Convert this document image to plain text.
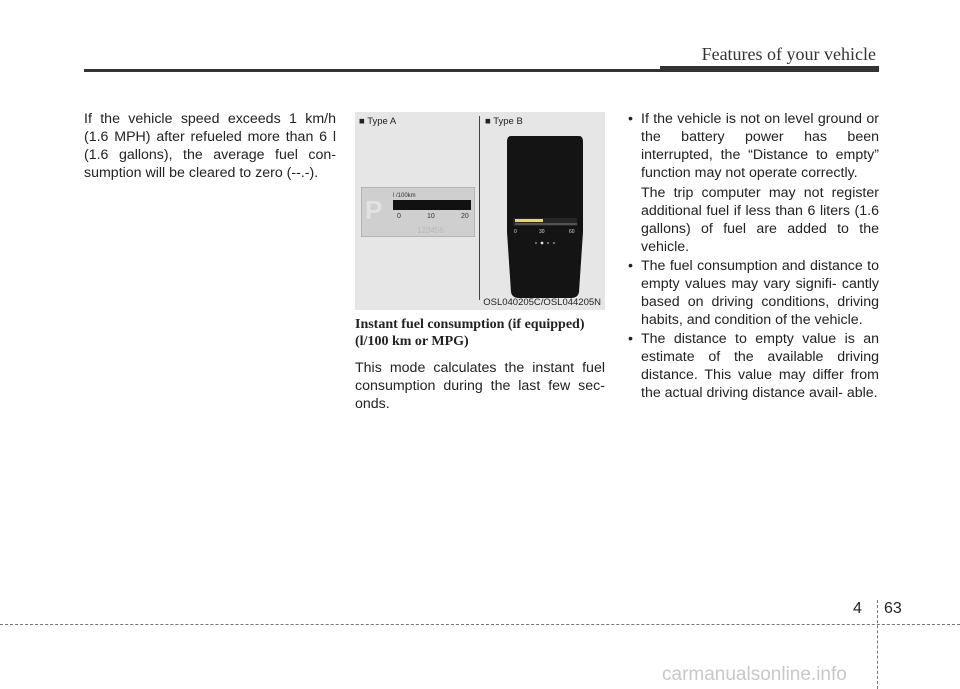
Features of your vehicle

If the vehicle speed exceeds 1 km/h (1.6 MPH) after refueled more than 6 l (1.6 gallons), the average fuel con- sumption will be cleared to zero (--.-).

■ Type A	■ Type B
P l /100km
0	10	20
123456	0	30	60
OSL040205C/OSL044205N

Instant fuel consumption (if equipped) (l/100 km or MPG)

This mode calculates the instant fuel consumption during the last few sec- onds.

• If the vehicle is not on level ground or the battery power has been interrupted, the “Distance to empty” function may not operate correctly.

The trip computer may not register additional fuel if less than 6 liters (1.6 gallons) of fuel are added to the vehicle.

• The fuel consumption and distance to empty values may vary signifi- cantly based on driving conditions, driving habits, and condition of the vehicle.

• The distance to empty value is an estimate of the available driving distance. This value may differ from the actual driving distance avail- able.

4 63
carmanualsonline.info
